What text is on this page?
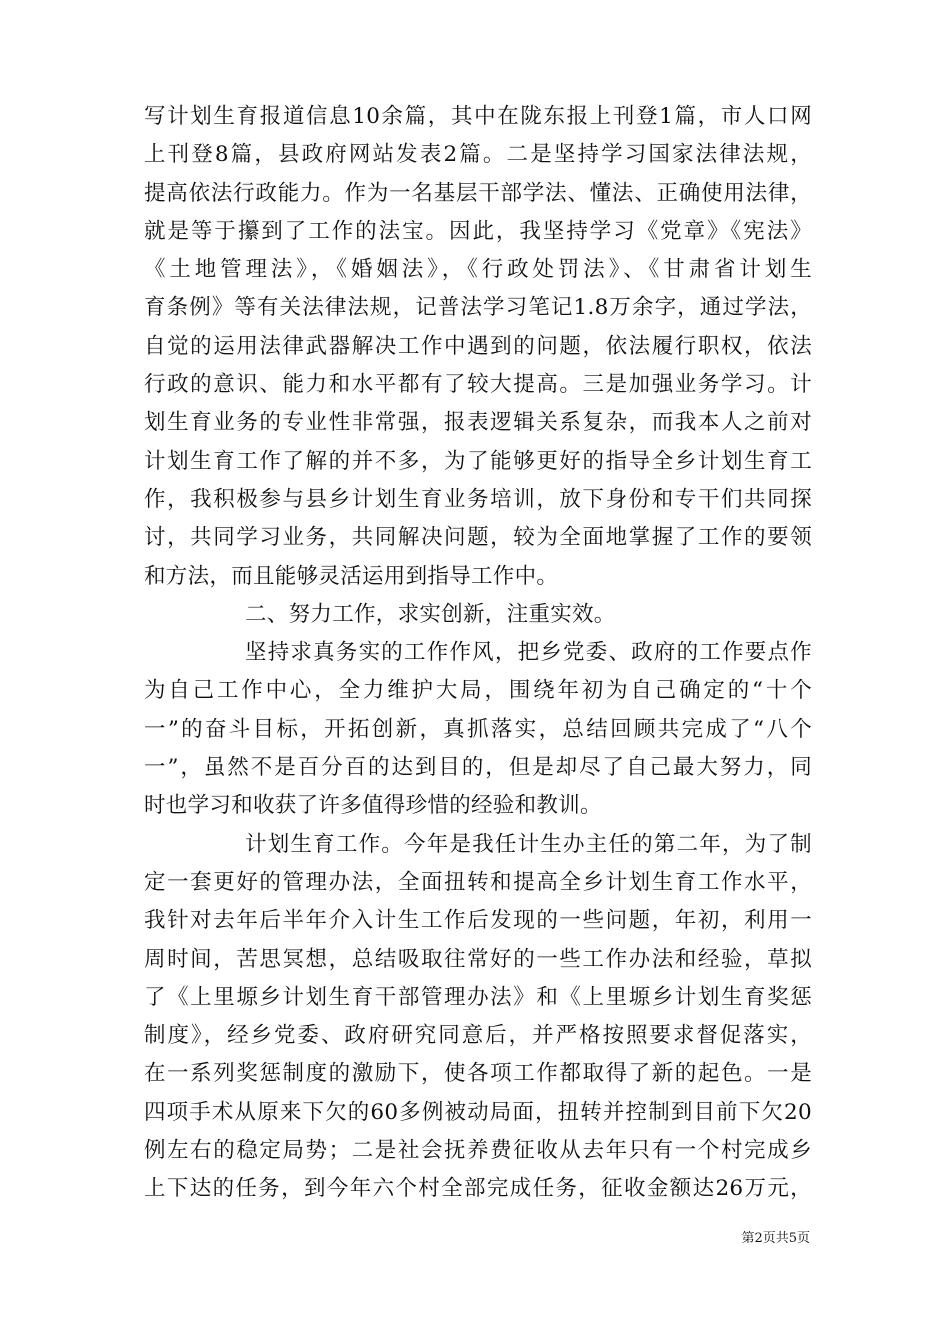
写计划生育报道信息10余篇，其中在陇东报上刊登1篇，市人口网
上刊登8篇，县政府网站发表2篇。二是坚持学习国家法律法规，
提高依法行政能力。作为一名基层干部学法、懂法、正确使用法律，
就是等于攥到了工作的法宝。因此，我坚持学习《党章》《宪法》
《土地管理法》，《婚姻法》，《行政处罚法》、《甘肃省计划生
育条例》等有关法律法规，记普法学习笔记1.8万余字，通过学法，
自觉的运用法律武器解决工作中遇到的问题，依法履行职权，依法
行政的意识、能力和水平都有了较大提高。三是加强业务学习。计
划生育业务的专业性非常强，报表逻辑关系复杂，而我本人之前对
计划生育工作了解的并不多，为了能够更好的指导全乡计划生育工
作，我积极参与县乡计划生育业务培训，放下身份和专干们共同探
讨，共同学习业务，共同解决问题，较为全面地掌握了工作的要领
和方法，而且能够灵活运用到指导工作中。
二、努力工作，求实创新，注重实效。
坚持求真务实的工作作风，把乡党委、政府的工作要点作
为自己工作中心，全力维护大局，围绕年初为自己确定的“十个
一”的奋斗目标，开拓创新，真抓落实，总结回顾共完成了“八个
一”，虽然不是百分百的达到目的，但是却尽了自己最大努力，同
时也学习和收获了许多值得珍惜的经验和教训。
计划生育工作。今年是我任计生办主任的第二年，为了制
定一套更好的管理办法，全面扭转和提高全乡计划生育工作水平，
我针对去年后半年介入计生工作后发现的一些问题，年初，利用一
周时间，苦思冥想，总结吸取往常好的一些工作办法和经验，草拟
了《上里塬乡计划生育干部管理办法》和《上里塬乡计划生育奖惩
制度》，经乡党委、政府研究同意后，并严格按照要求督促落实，
在一系列奖惩制度的激励下，使各项工作都取得了新的起色。一是
四项手术从原来下欠的60多例被动局面，扭转并控制到目前下欠20
例左右的稳定局势；二是社会抚养费征收从去年只有一个村完成乡
上下达的任务，到今年六个村全部完成任务，征收金额达26万元，
第2页共5页
